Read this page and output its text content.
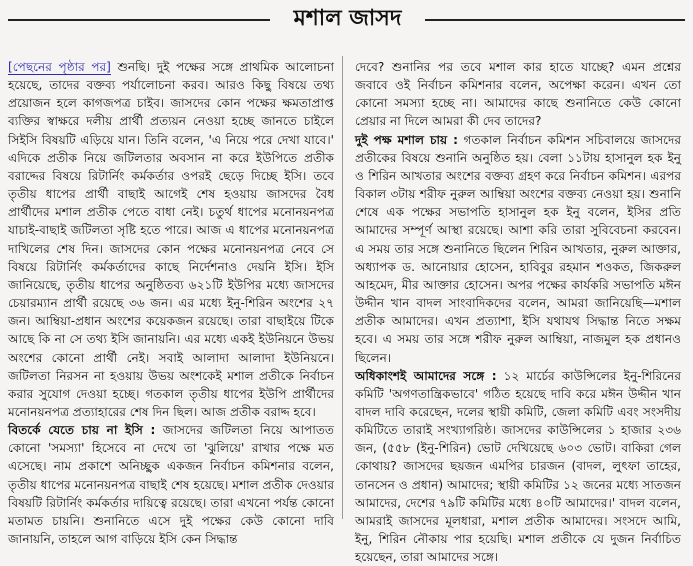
মশাল জাসদ

[পেছনের পৃষ্ঠার পর] শুনছি। দুই পক্ষের সঙ্গে প্রাথমিক আলোচনা হয়েছে, তাদের বক্তব্য পর্যালোচনা করব। আরও কিছু বিষয়ে তথ্য প্রয়োজন হলে কাগজপত্র চাইব। জাসদের কোন পক্ষের ক্ষমতাপ্রাপ্ত ব্যক্তির স্বাক্ষরে দলীয় প্রার্থী প্রত্যয়ন নেওয়া হচ্ছে জানতে চাইলে সিইসি বিষয়টি এড়িয়ে যান। তিনি বলেন, 'এ নিয়ে পরে দেখা যাবে।' এদিকে প্রতীক নিয়ে জটিলতার অবসান না করে ইউপিতে প্রতীক বরাদ্দের বিষয়ে রিটার্নিং কর্মকর্তার ওপরই ছেড়ে দিচ্ছে ইসি। তবে তৃতীয় ধাপের প্রার্থী বাছাই আগেই শেষ হওয়ায় জাসদের বৈধ প্রার্থীদের মশাল প্রতীক পেতে বাধা নেই। চতুর্থ ধাপের মনোনয়নপত্র যাচাই-বাছাই জটিলতা সৃষ্টি হতে পারে। আজ এ ধাপের মনোনয়নপত্র দাখিলের শেষ দিন। জাসদের কোন পক্ষের মনোনয়নপত্র নেবে সে বিষয়ে রিটার্নিং কর্মকর্তাদের কাছে নির্দেশনাও দেয়নি ইসি। ইসি জানিয়েছে, তৃতীয় ধাপের অনুষ্ঠিতব্য ৬২১টি ইউপির মধ্যে জাসদের চেয়ারম্যান প্রার্থী রয়েছে ৩৬ জন। এর মধ্যে ইনু-শিরিন অংশের ২৭ জন। আম্বিয়া-প্রধান অংশের কয়েকজন রয়েছে। তারা বাছাইয়ে টিকে আছে কি না সে তথ্য ইসি জানায়নি। এর মধ্যে একই ইউনিয়নে উভয় অংশের কোনো প্রার্থী নেই। সবাই আলাদা আলাদা ইউনিয়নে। জটিলতা নিরসন না হওয়ায় উভয় অংশকেই মশাল প্রতীকে নির্বাচন করার সুযোগ দেওয়া হচ্ছে। গতকাল তৃতীয় ধাপের ইউপি প্রার্থীদের মনোনয়নপত্র প্রত্যাহারের শেষ দিন ছিল। আজ প্রতীক বরাদ্দ হবে।

বিতর্কে যেতে চায় না ইসি : জাসদের জটিলতা নিয়ে আপাতত কোনো 'সমস্যা' হিসেবে না দেখে তা 'ঝুলিয়ে' রাখার পক্ষে মত এসেছে। নাম প্রকাশে অনিচ্ছুক একজন নির্বাচন কমিশনার বলেন, তৃতীয় ধাপের মনোনয়নপত্র বাছাই শেষ হয়েছে। মশাল প্রতীক দেওয়ার বিষয়টি রিটার্নিং কর্মকর্তার দায়িত্বে রয়েছে। তারা এখনো পর্যন্ত কোনো মতামত চায়নি। শুনানিতে এসে দুই পক্ষের কেউ কোনো দাবি জানায়নি, তাহলে আগ বাড়িয়ে ইসি কেন সিদ্ধান্ত

দেবে? শুনানির পর তবে মশাল কার হাতে যাচ্ছে? এমন প্রশ্নের জবাবে ওই নির্বাচন কমিশনার বলেন, অপেক্ষা করেন। এখন তো কোনো সমস্যা হচ্ছে না। আমাদের কাছে শুনানিতে কেউ কোনো প্রেয়ার না দিলে আমরা কী দেব তাদের?

দুই পক্ষ মশাল চায় : গতকাল নির্বাচন কমিশন সচিবালয়ে জাসদের প্রতীকের বিষয়ে শুনানি অনুষ্ঠিত হয়। বেলা ১১টায় হাসানুল হক ইনু ও শিরিন আখতার অংশের বক্তব্য গ্রহণ করে নির্বাচন কমিশন। এরপর বিকাল ৩টায় শরীফ নুরুল আম্বিয়া অংশের বক্তব্য নেওয়া হয়। শুনানি শেষে এক পক্ষের সভাপতি হাসানুল হক ইনু বলেন, ইসির প্রতি আমাদের সম্পূর্ণ আস্থা রয়েছে। আশা করি তারা সুবিবেচনা করবেন। এ সময় তার সঙ্গে শুনানিতে ছিলেন শিরিন আখতার, নুরুল আক্তার, অধ্যাপক ড. আনোয়ার হোসেন, হাবিবুর রহমান শওকত, জিকরুল আহমেদ, মীর আক্তার হোসেন। অপর পক্ষের কার্যকরি সভাপতি মঈন উদ্দীন খান বাদল সাংবাদিকদের বলেন, আমরা জানিয়েছি—মশাল প্রতীক আমাদের। এখন প্রত্যাশা, ইসি যথাযথ সিদ্ধান্ত নিতে সক্ষম হবে। এ সময় তার সঙ্গে শরীফ নুরুল আম্বিয়া, নাজমুল হক প্রধানও ছিলেন।

অধিকাংশই আমাদের সঙ্গে : ১২ মার্চের কাউন্সিলের ইনু-শিরিনের কমিটি 'অগণতান্ত্রিকভাবে' গঠিত হয়েছে দাবি করে মঈন উদ্দীন খান বাদল দাবি করেছেন, দলের স্থায়ী কমিটি, জেলা কমিটি এবং সংসদীয় কমিটিতে তারাই সংখ্যাগরিষ্ঠ। জাসদের কাউন্সিলের ১ হাজার ২৩৬ জন, (৫৫৮ (ইনু-শিরিন) ভোট দেখিয়েছে ৬০৩ ভোট। বাকিরা গেল কোথায়? জাসদের ছয়জন এমপির চারজন (বাদল, লুৎফা তাহের, তানসেন ও প্রধান) আমাদের; স্থায়ী কমিটির ১২ জনের মধ্যে সাতজন আমাদের, দেশের ৭৯টি কমিটির মধ্যে ৪০টি আমাদের।' বাদল বলেন, আমরাই জাসদের মূলধারা, মশাল প্রতীক আমাদের। সংসদে আমি, ইনু, শিরিন নৌকায় পার হয়েছি। মশাল প্রতীকে যে দুজন নির্বাচিত হয়েছেন, তারা আমাদের সঙ্গে।
